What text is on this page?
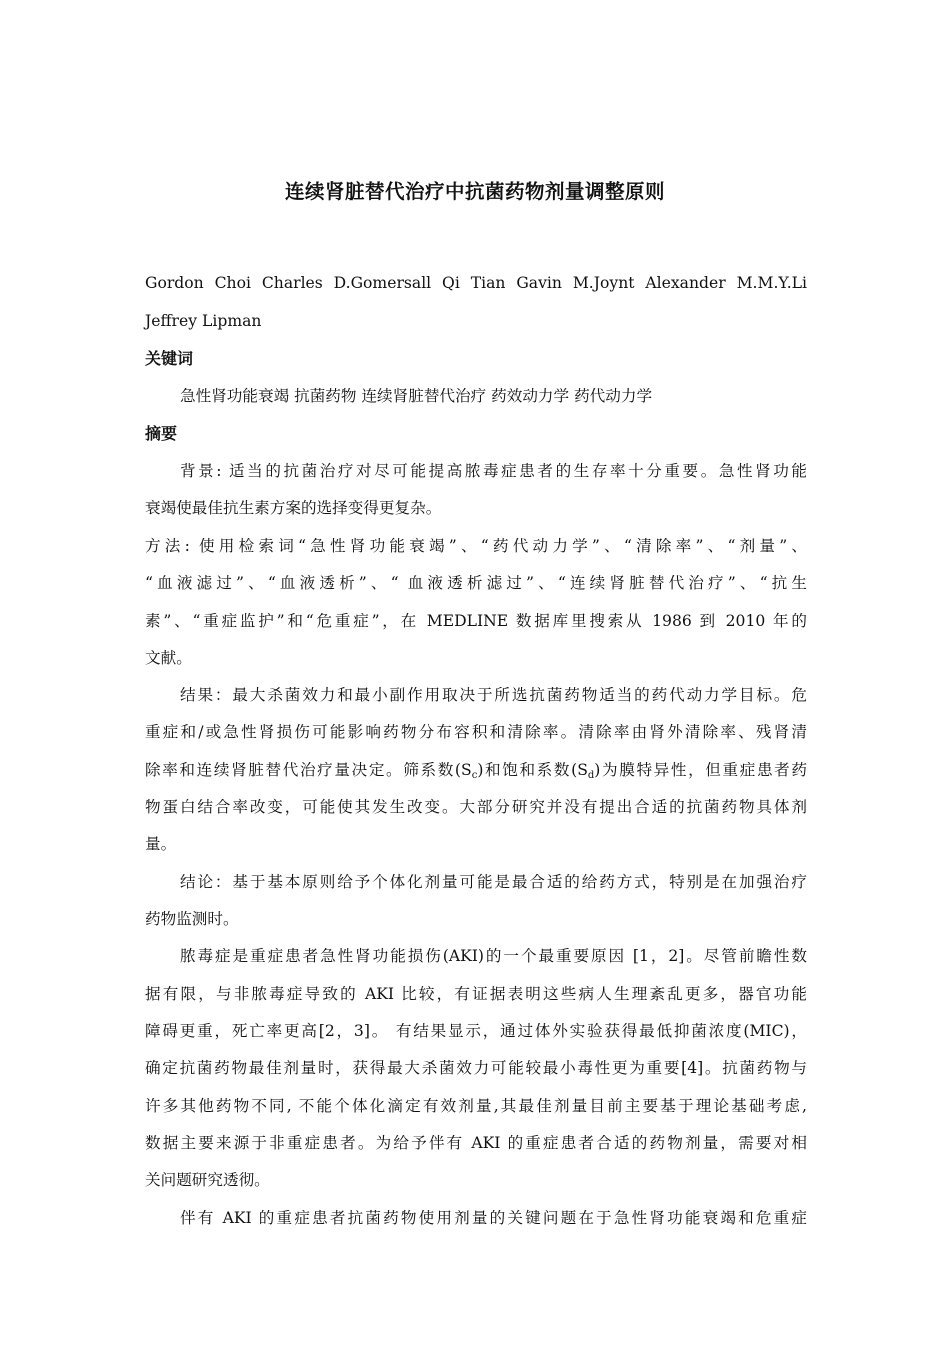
连续肾脏替代治疗中抗菌药物剂量调整原则
Gordon Choi Charles D.Gomersall Qi Tian Gavin M.Joynt Alexander M.M.Y.Li
Jeffrey Lipman
关键词
急性肾功能衰竭 抗菌药物 连续肾脏替代治疗 药效动力学 药代动力学
摘要
背景: 适当的抗菌治疗对尽可能提高脓毒症患者的生存率十分重要。急性肾功能
衰竭使最佳抗生素方案的选择变得更复杂。
方法: 使用检索词“急性肾功能衰竭”、“药代动力学”、“清除率”、“剂量”、
“血液滤过”、“血液透析”、“ 血液透析滤过”、“连续肾脏替代治疗”、“抗生
素”、“重症监护”和“危重症”，在 MEDLINE 数据库里搜索从 1986 到 2010 年的
文献。
结果：最大杀菌效力和最小副作用取决于所选抗菌药物适当的药代动力学目标。危
重症和/或急性肾损伤可能影响药物分布容积和清除率。清除率由肾外清除率、残肾清
除率和连续肾脏替代治疗量决定。筛系数$(S_c)$和饱和系数$(S_d)$为膜特异性，但重症患者药
物蛋白结合率改变，可能使其发生改变。大部分研究并没有提出合适的抗菌药物具体剂
量。
结论：基于基本原则给予个体化剂量可能是最合适的给药方式，特别是在加强治疗
药物监测时。
脓毒症是重症患者急性肾功能损伤(AKI)的一个最重要原因 [1，2]。尽管前瞻性数
据有限，与非脓毒症导致的 AKI 比较，有证据表明这些病人生理紊乱更多，器官功能
障碍更重，死亡率更高[2，3]。 有结果显示，通过体外实验获得最低抑菌浓度(MIC)，
确定抗菌药物最佳剂量时，获得最大杀菌效力可能较最小毒性更为重要[4]。抗菌药物与
许多其他药物不同, 不能个体化滴定有效剂量,其最佳剂量目前主要基于理论基础考虑,
数据主要来源于非重症患者。为给予伴有 AKI 的重症患者合适的药物剂量，需要对相
关问题研究透彻。
伴有 AKI 的重症患者抗菌药物使用剂量的关键问题在于急性肾功能衰竭和危重症
